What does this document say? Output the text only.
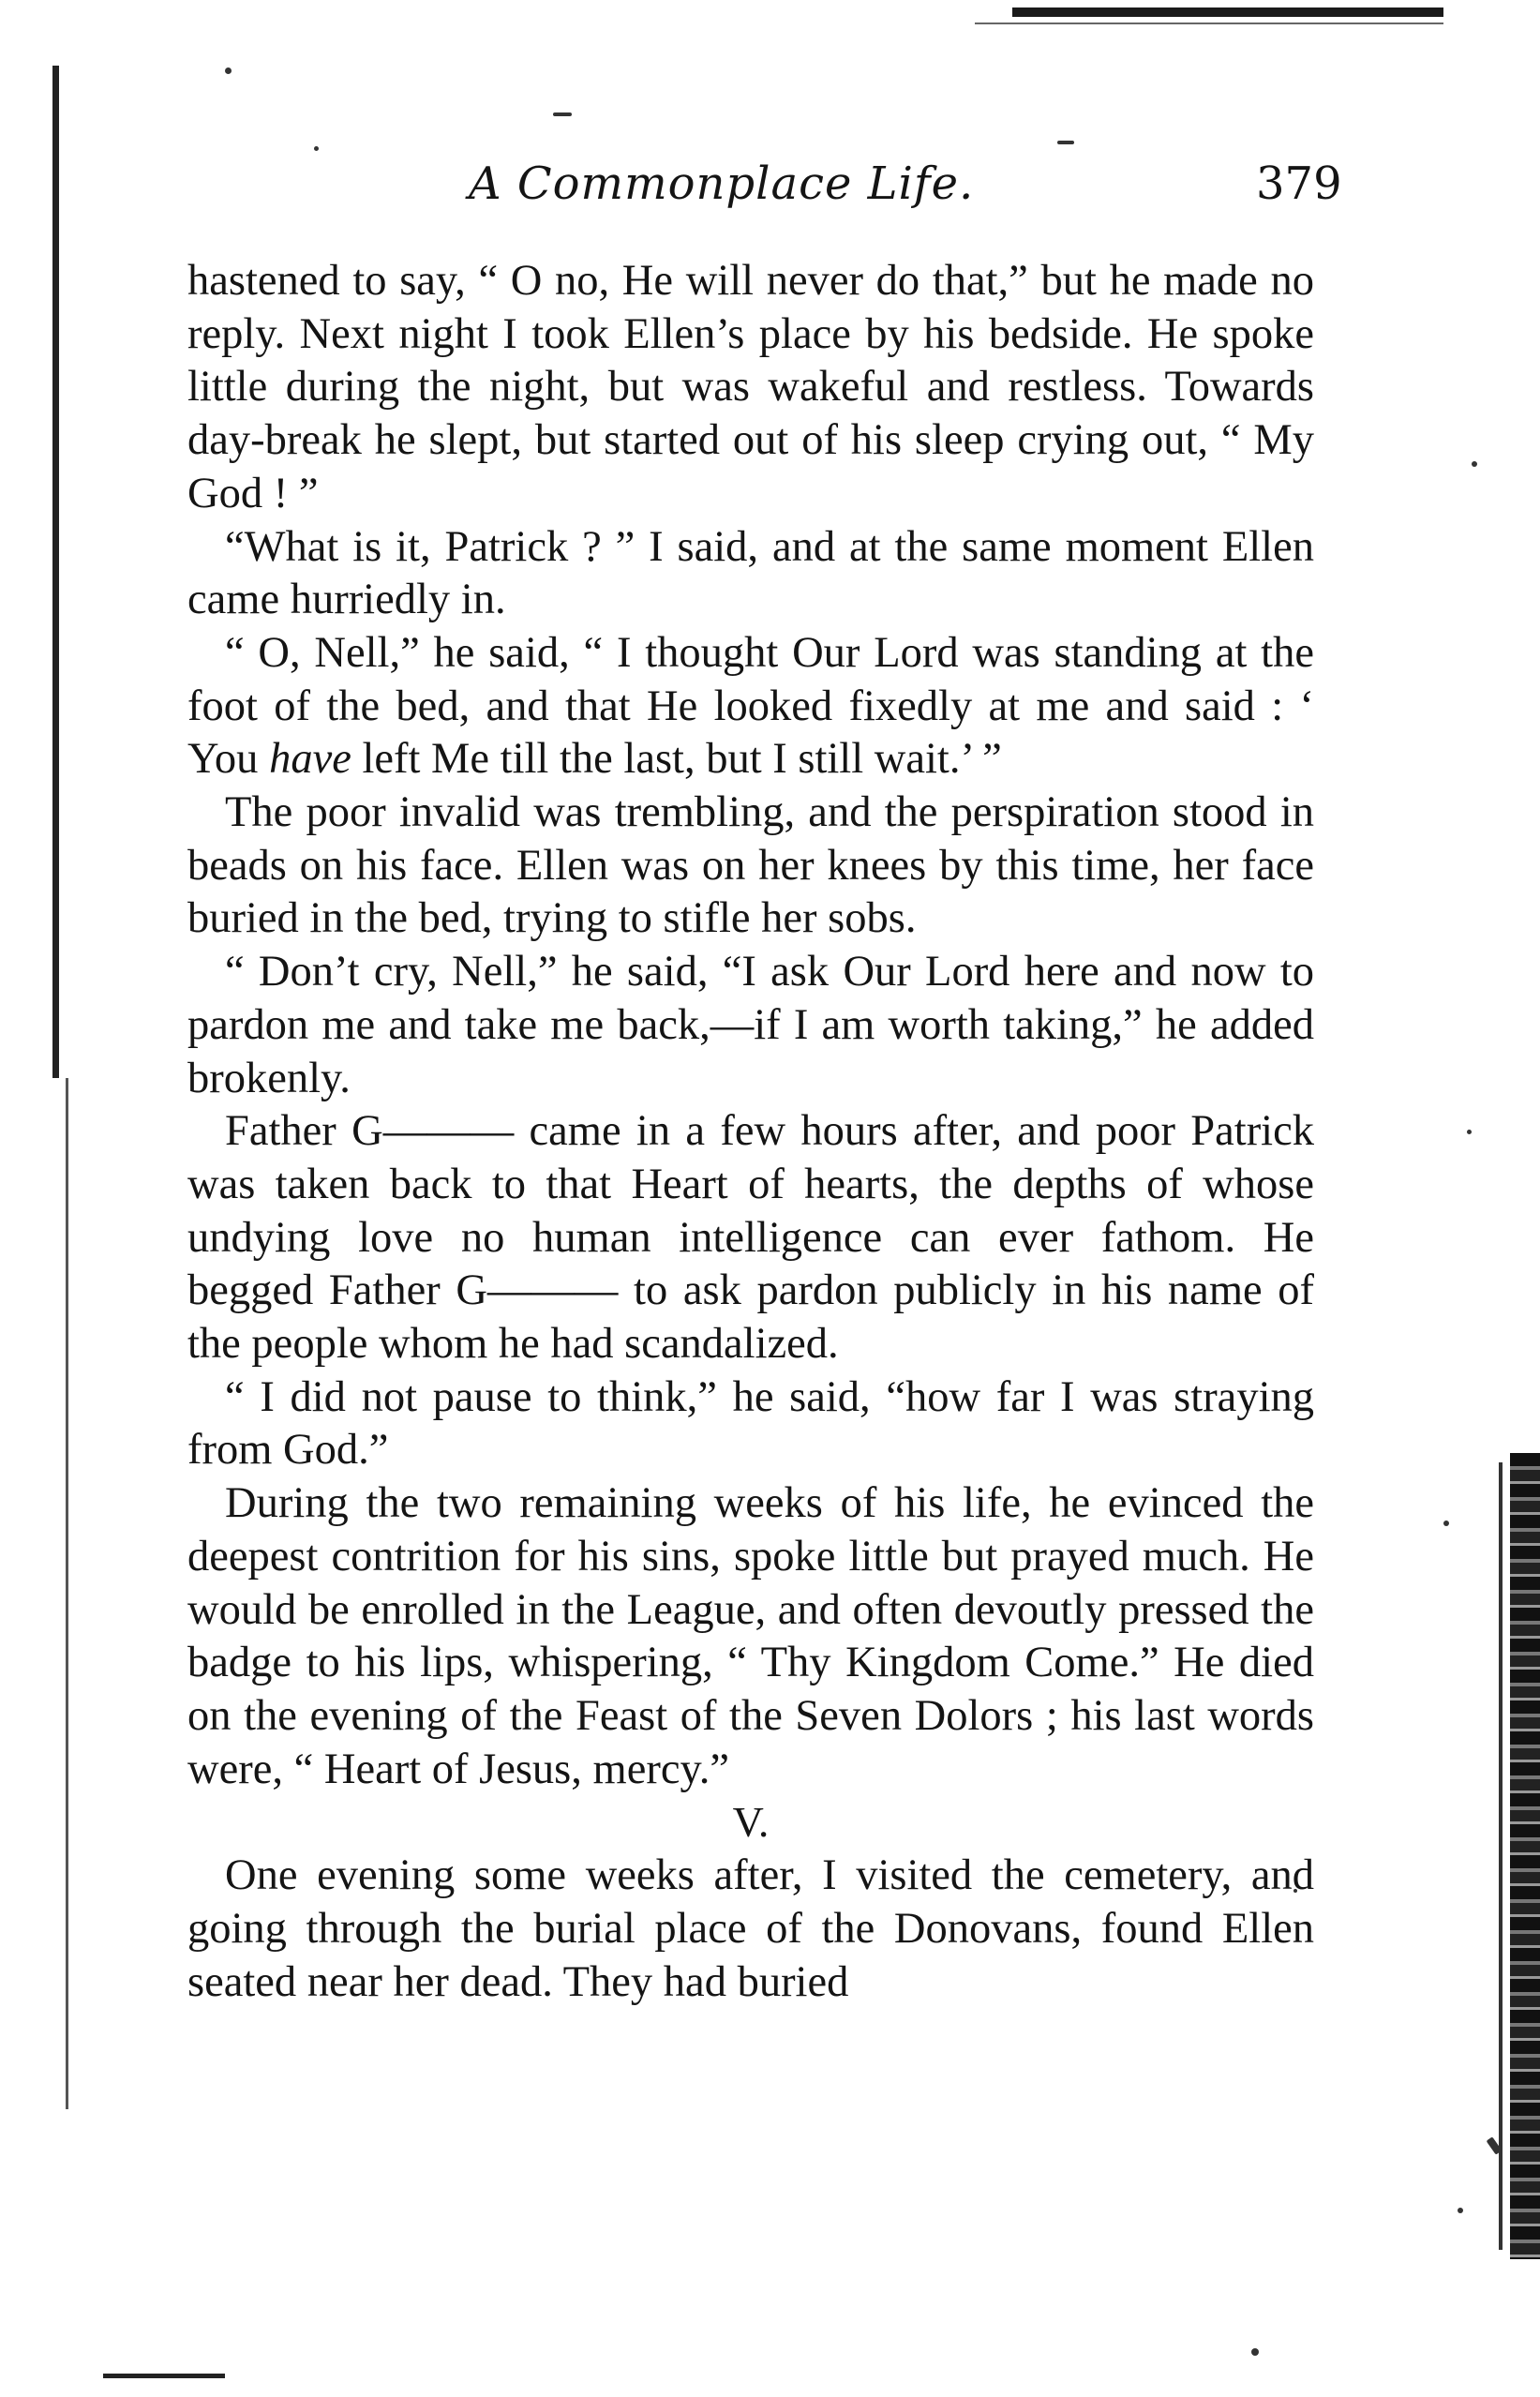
A Commonplace Life.	379

hastened to say, “ O no, He will never do that,” but he made no reply. Next night I took Ellen’s place by his bedside. He spoke little during the night, but was wakeful and restless. Towards day-break he slept, but started out of his sleep crying out, “ My God ! ”

“What is it, Patrick ? ” I said, and at the same moment Ellen came hurriedly in.

“ O, Nell,” he said, “ I thought Our Lord was standing at the foot of the bed, and that He looked fixedly at me and said : ‘ You have left Me till the last, but I still wait.’ ”

The poor invalid was trembling, and the perspiration stood in beads on his face. Ellen was on her knees by this time, her face buried in the bed, trying to stifle her sobs.

“ Don’t cry, Nell,” he said, “I ask Our Lord here and now to pardon me and take me back,—if I am worth taking,” he added brokenly.

Father G——— came in a few hours after, and poor Patrick was taken back to that Heart of hearts, the depths of whose undying love no human intelligence can ever fathom. He begged Father G——— to ask pardon publicly in his name of the people whom he had scandalized.

“ I did not pause to think,” he said, “how far I was straying from God.”

During the two remaining weeks of his life, he evinced the deepest contrition for his sins, spoke little but prayed much. He would be enrolled in the League, and often devoutly pressed the badge to his lips, whispering, “ Thy Kingdom Come.” He died on the evening of the Feast of the Seven Dolors ; his last words were, “ Heart of Jesus, mercy.”

V.

One evening some weeks after, I visited the cemetery, and going through the burial place of the Donovans, found Ellen seated near her dead. They had buried
